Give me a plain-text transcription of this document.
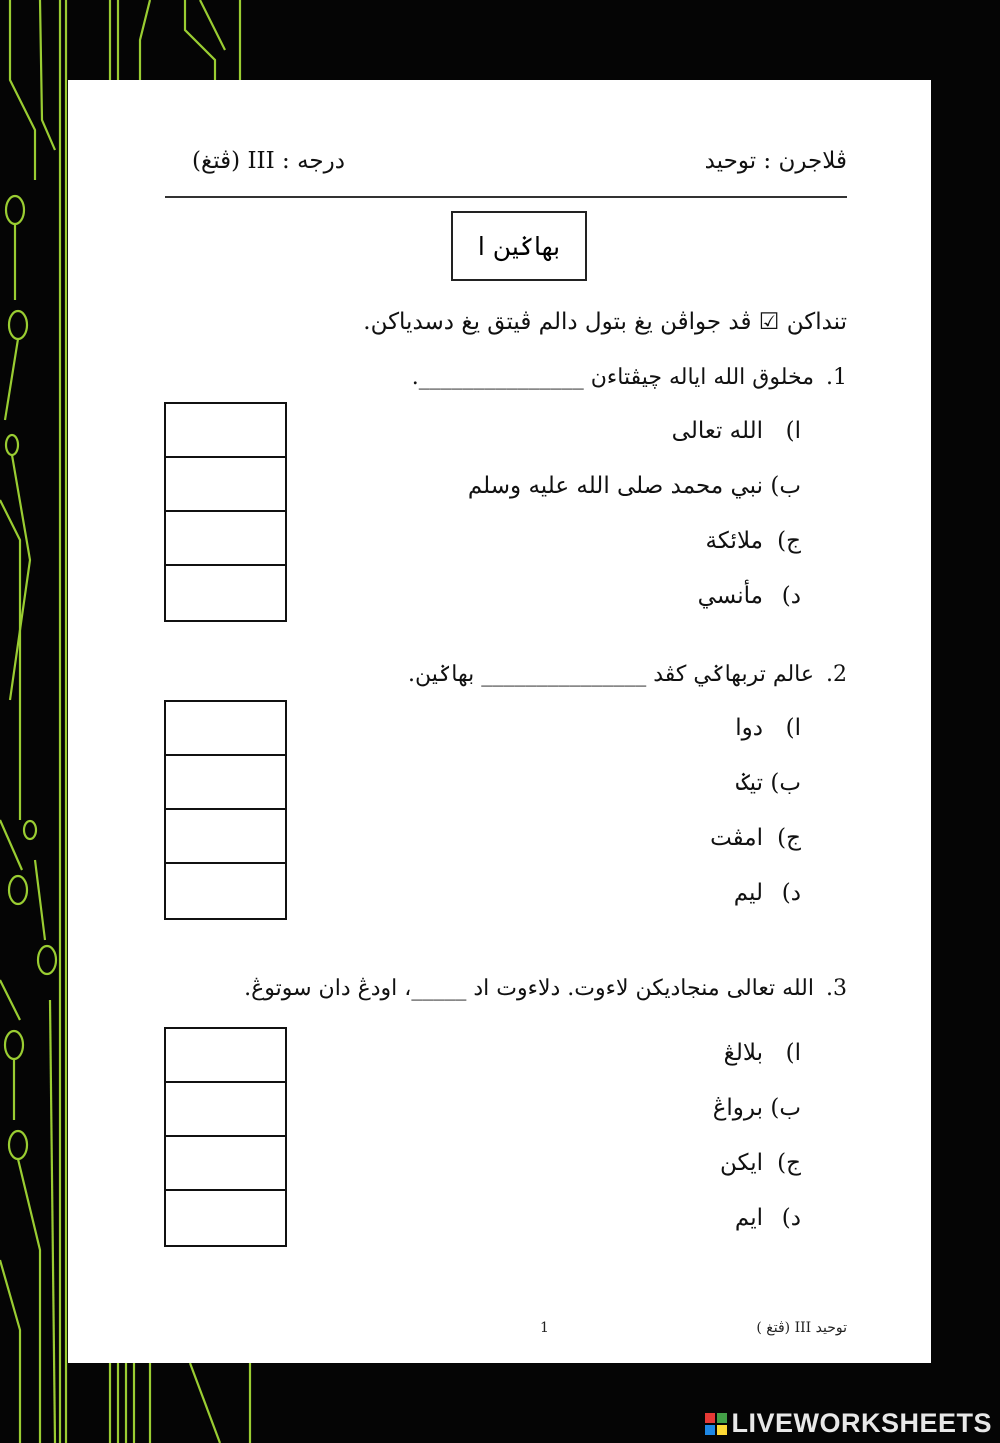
ڤلاجرن : توحيد
درجه : III (ڤتغ)
بهاݢين ا
تنداكن ☑ ڤد جواڤن يغ بتول دالم ڤيتق يغ دسدياكن.
1.مخلوق الله اياله چيڤتاءن _______________.
ا)الله تعالى
ب)نبي محمد صلى الله عليه وسلم
ج)ملائكة
د)مأنسي
2.عالم تربهاݢي كڤد _______________ بهاݢين.
ا)دوا
ب)تيݢ
ج)امڤت
د)ليم
3.الله تعالى منجاديكن لاءوت. دلاءوت اد _____، اودڠ دان سوتوڠ.
ا)بلالڠ
ب)برواڠ
ج)ايكن
د)ايم
توحيد III (ڤتغ )
1
LIVEWORKSHEETS
